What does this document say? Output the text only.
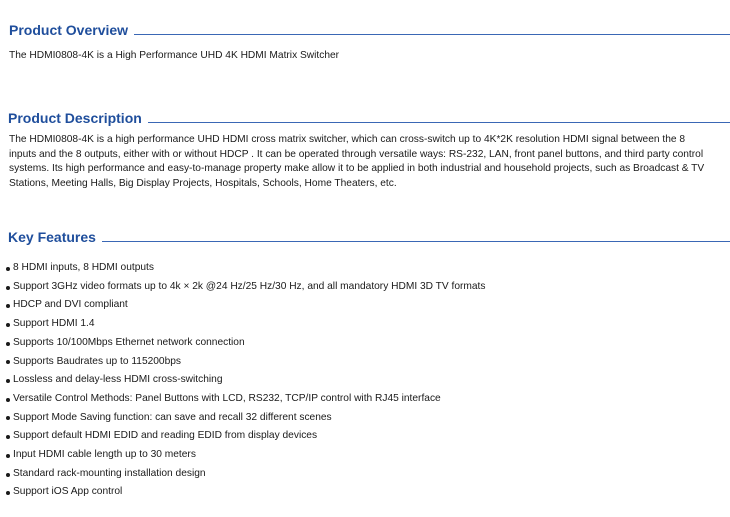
Product Overview
The HDMI0808-4K is a High Performance UHD 4K HDMI Matrix Switcher
Product Description
The HDMI0808-4K is a high performance UHD HDMI cross matrix switcher, which can cross-switch up to 4K*2K resolution HDMI signal between the 8
inputs and the 8 outputs, either with or without HDCP . It can be operated through versatile ways: RS-232, LAN, front panel buttons, and third party control
systems. Its high performance and easy-to-manage property make allow it to be applied in both industrial and household projects, such as Broadcast & TV
Stations, Meeting Halls, Big Display Projects, Hospitals, Schools, Home Theaters, etc.
Key Features
8 HDMI inputs, 8 HDMI outputs
Support 3GHz video formats up to 4k × 2k @24 Hz/25 Hz/30 Hz, and all mandatory HDMI 3D TV formats
HDCP and DVI compliant
Support HDMI 1.4
Supports 10/100Mbps Ethernet network connection
Supports Baudrates up to 115200bps
Lossless and delay-less HDMI cross-switching
Versatile Control Methods: Panel Buttons with LCD, RS232, TCP/IP control with RJ45 interface
Support Mode Saving function: can save and recall 32 different scenes
Support default HDMI EDID and reading EDID from display devices
Input HDMI cable length up to 30 meters
Standard rack-mounting installation design
Support iOS App control
